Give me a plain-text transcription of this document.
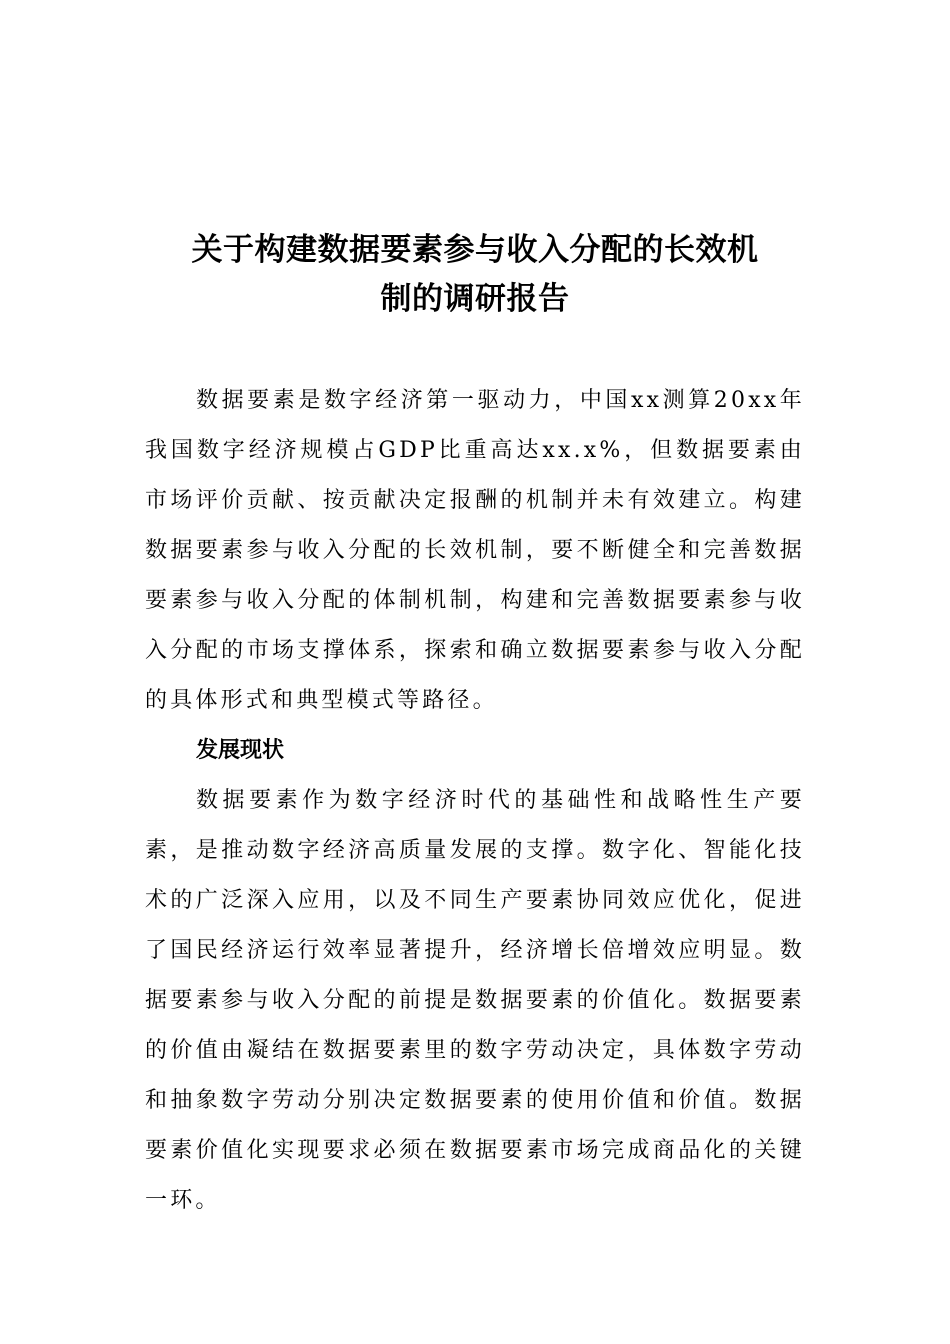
关于构建数据要素参与收入分配的长效机
制的调研报告

数据要素是数字经济第一驱动力，中国xx测算20xx年我国数字经济规模占GDP比重高达xx.x%，但数据要素由市场评价贡献、按贡献决定报酬的机制并未有效建立。构建数据要素参与收入分配的长效机制，要不断健全和完善数据要素参与收入分配的体制机制，构建和完善数据要素参与收入分配的市场支撑体系，探索和确立数据要素参与收入分配的具体形式和典型模式等路径。

发展现状

数据要素作为数字经济时代的基础性和战略性生产要素，是推动数字经济高质量发展的支撑。数字化、智能化技术的广泛深入应用，以及不同生产要素协同效应优化，促进了国民经济运行效率显著提升，经济增长倍增效应明显。数据要素参与收入分配的前提是数据要素的价值化。数据要素的价值由凝结在数据要素里的数字劳动决定，具体数字劳动和抽象数字劳动分别决定数据要素的使用价值和价值。数据要素价值化实现要求必须在数据要素市场完成商品化的关键一环。
